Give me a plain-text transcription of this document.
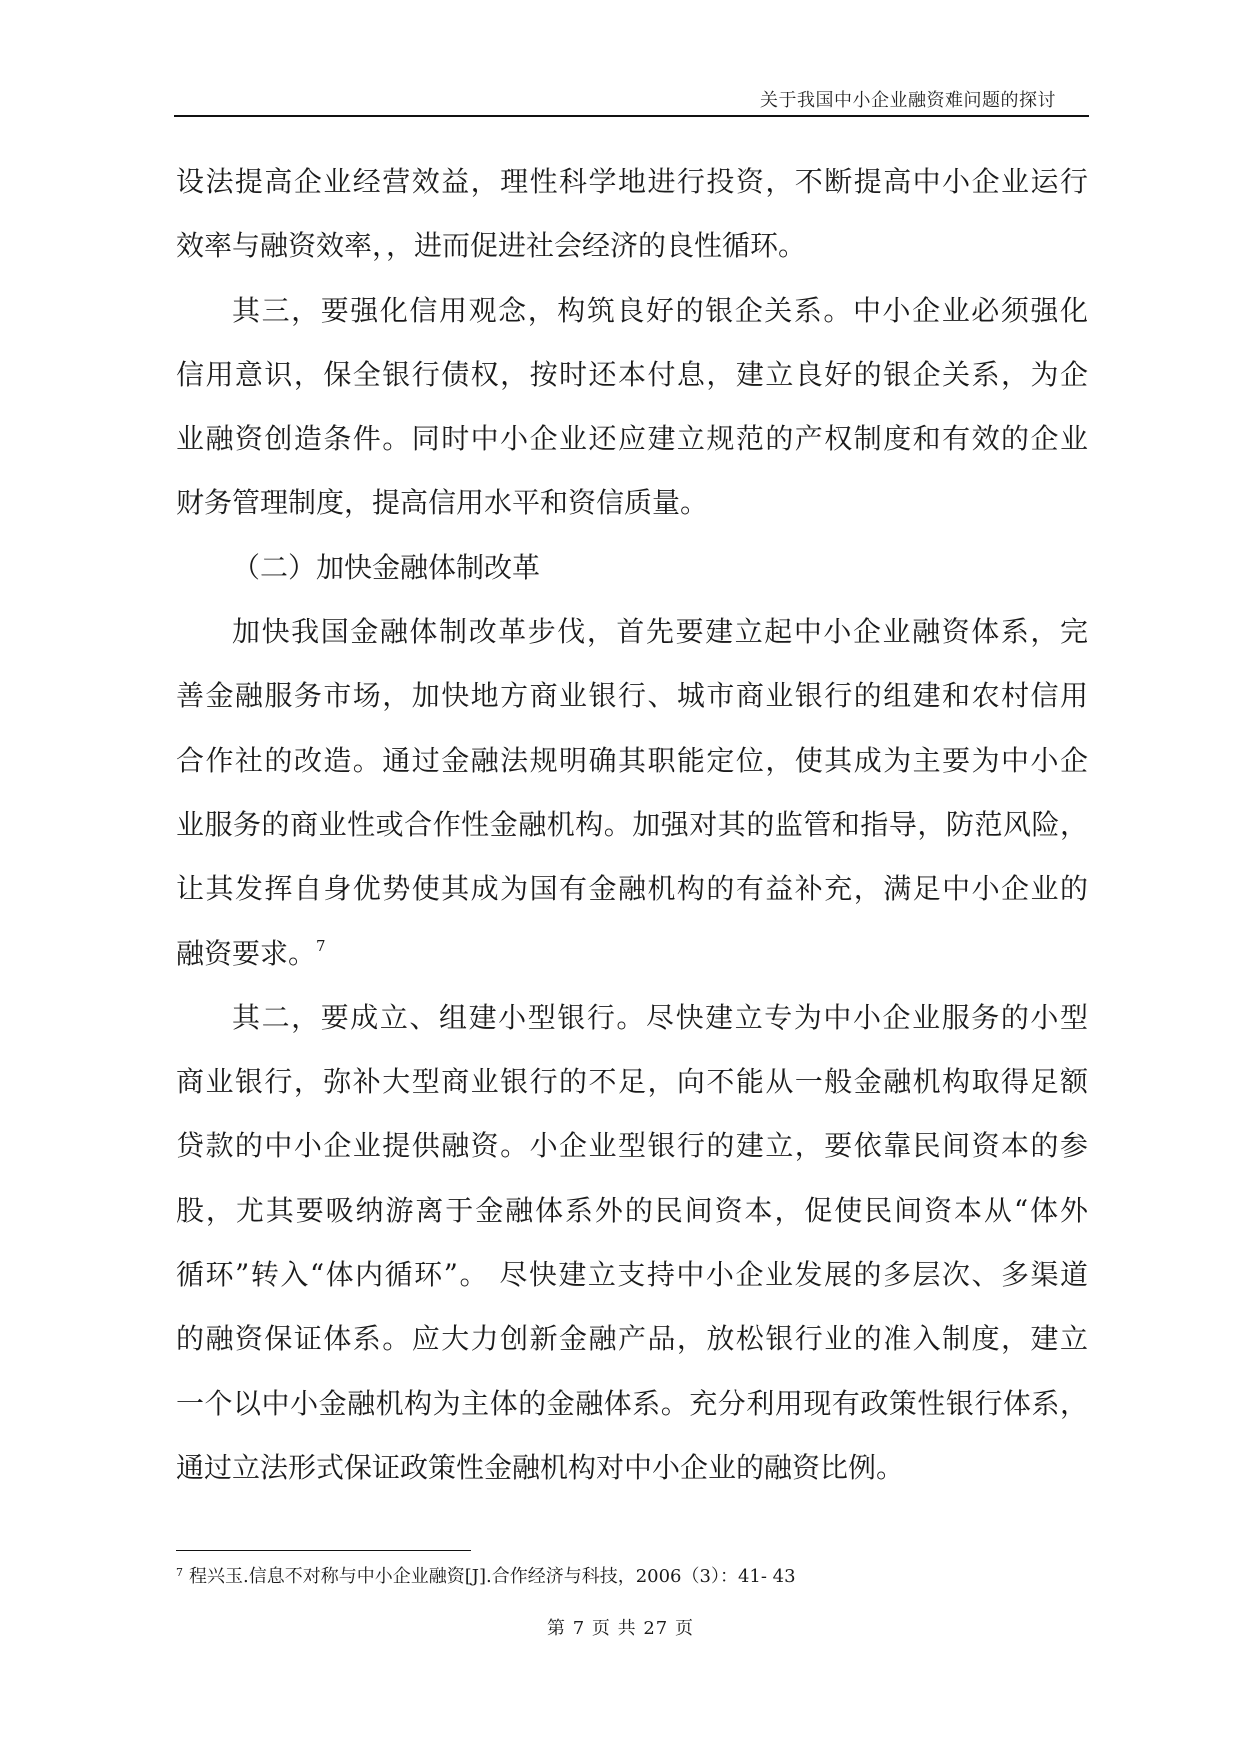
关于我国中小企业融资难问题的探讨
设法提高企业经营效益，理性科学地进行投资，不断提高中小企业运行
效率与融资效率，，进而促进社会经济的良性循环。
其三，要强化信用观念，构筑良好的银企关系。中小企业必须强化
信用意识，保全银行债权，按时还本付息，建立良好的银企关系，为企
业融资创造条件。同时中小企业还应建立规范的产权制度和有效的企业
财务管理制度，提高信用水平和资信质量。
（二）加快金融体制改革
加快我国金融体制改革步伐，首先要建立起中小企业融资体系，完
善金融服务市场，加快地方商业银行、城市商业银行的组建和农村信用
合作社的改造。通过金融法规明确其职能定位，使其成为主要为中小企
业服务的商业性或合作性金融机构。加强对其的监管和指导，防范风险，
让其发挥自身优势使其成为国有金融机构的有益补充，满足中小企业的
融资要求。$^7$
其二，要成立、组建小型银行。尽快建立专为中小企业服务的小型
商业银行，弥补大型商业银行的不足，向不能从一般金融机构取得足额
贷款的中小企业提供融资。小企业型银行的建立，要依靠民间资本的参
股，尤其要吸纳游离于金融体系外的民间资本，促使民间资本从“体外
循环”转入“体内循环”。 尽快建立支持中小企业发展的多层次、多渠道
的融资保证体系。应大力创新金融产品，放松银行业的准入制度，建立
一个以中小金融机构为主体的金融体系。充分利用现有政策性银行体系，
通过立法形式保证政策性金融机构对中小企业的融资比例。
$^7$ 程兴玉.信息不对称与中小企业融资[J].合作经济与科技，2006（3）：41- 43
第 7 页 共 27 页
